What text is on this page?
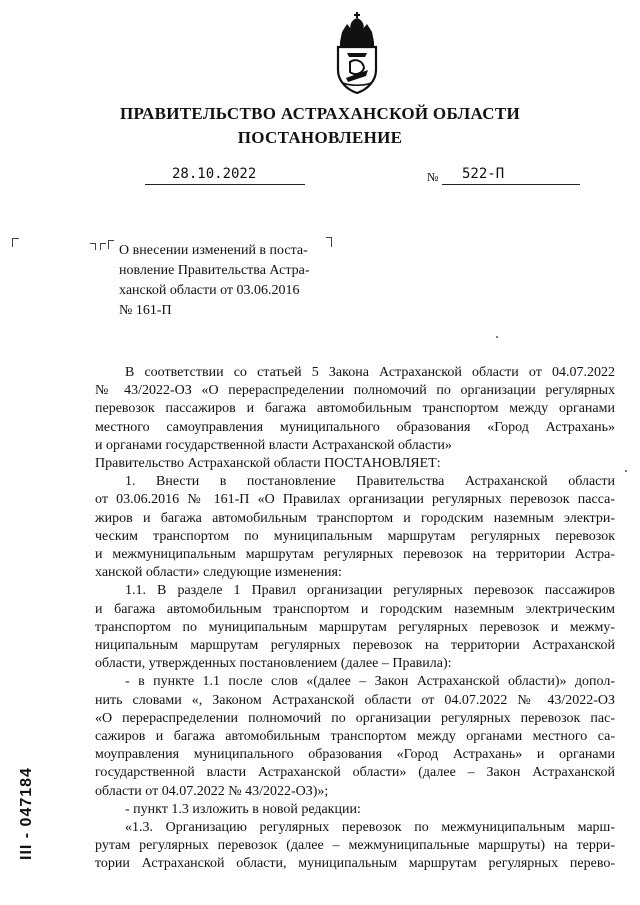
ПРАВИТЕЛЬСТВО АСТРАХАНСКОЙ ОБЛАСТИ
ПОСТАНОВЛЕНИЕ
28.10.2022	№ 522-П
О внесении изменений в поста-
новление Правительства Астра-
ханской области от 03.06.2016
№ 161-П
В соответствии со статьей 5 Закона Астраханской области от 04.07.2022
№ 43/2022-ОЗ «О перераспределении полномочий по организации регулярных
перевозок пассажиров и багажа автомобильным транспортом между органами
местного самоуправления муниципального образования «Город Астрахань»
и органами государственной власти Астраханской области»
Правительство Астраханской области ПОСТАНОВЛЯЕТ:
1. Внести в постановление Правительства Астраханской области
от 03.06.2016 № 161-П «О Правилах организации регулярных перевозок пасса-
жиров и багажа автомобильным транспортом и городским наземным электри-
ческим транспортом по муниципальным маршрутам регулярных перевозок
и межмуниципальным маршрутам регулярных перевозок на территории Астра-
ханской области» следующие изменения:
1.1. В разделе 1 Правил организации регулярных перевозок пассажиров
и багажа автомобильным транспортом и городским наземным электрическим
транспортом по муниципальным маршрутам регулярных перевозок и межму-
ниципальным маршрутам регулярных перевозок на территории Астраханской
области, утвержденных постановлением (далее – Правила):
- в пункте 1.1 после слов «(далее – Закон Астраханской области)» допол-
нить словами «, Законом Астраханской области от 04.07.2022 № 43/2022-ОЗ
«О перераспределении полномочий по организации регулярных перевозок пас-
сажиров и багажа автомобильным транспортом между органами местного са-
моуправления муниципального образования «Город Астрахань» и органами
государственной власти Астраханской области» (далее – Закон Астраханской
области от 04.07.2022 № 43/2022-ОЗ)»;
- пункт 1.3 изложить в новой редакции:
«1.3. Организацию регулярных перевозок по межмуниципальным марш-
рутам регулярных перевозок (далее – межмуниципальные маршруты) на терри-
тории Астраханской области, муниципальным маршрутам регулярных перево-
III - 047184
